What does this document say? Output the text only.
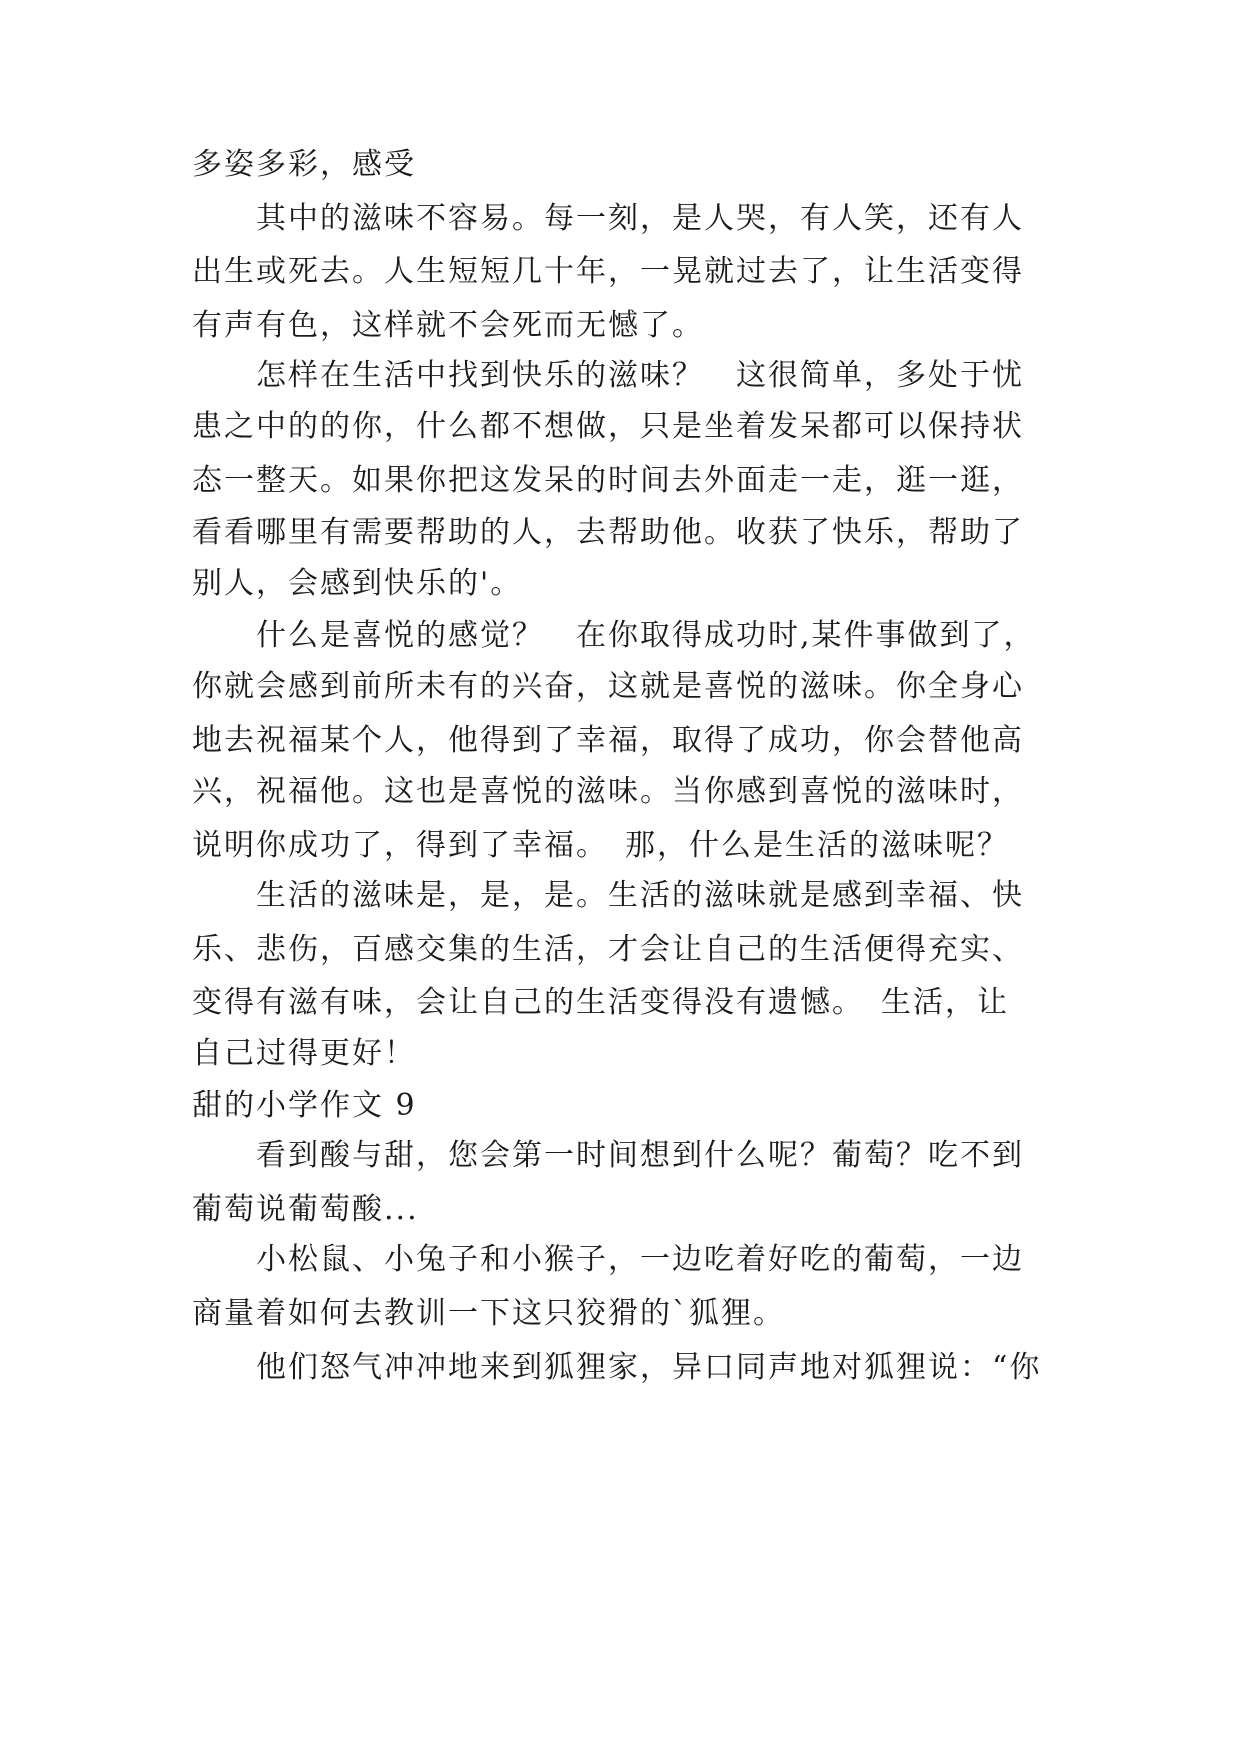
多姿多彩，感受
其中的滋味不容易。每一刻，是人哭，有人笑，还有人
出生或死去。人生短短几十年，一晃就过去了，让生活变得
有声有色，这样就不会死而无憾了。
怎样在生活中找到快乐的滋味？　这很简单，多处于忧
患之中的的你，什么都不想做，只是坐着发呆都可以保持状
态一整天。如果你把这发呆的时间去外面走一走，逛一逛，
看看哪里有需要帮助的人，去帮助他。收获了快乐，帮助了
别人，会感到快乐的'。
什么是喜悦的感觉？　在你取得成功时,某件事做到了，
你就会感到前所未有的兴奋，这就是喜悦的滋味。你全身心
地去祝福某个人，他得到了幸福，取得了成功，你会替他高
兴，祝福他。这也是喜悦的滋味。当你感到喜悦的滋味时，
说明你成功了，得到了幸福。　那，什么是生活的滋味呢？
生活的滋味是，是，是。生活的滋味就是感到幸福、快
乐、悲伤，百感交集的生活，才会让自己的生活便得充实、
变得有滋有味，会让自己的生活变得没有遗憾。　生活，让
自己过得更好！
甜的小学作文 9
看到酸与甜，您会第一时间想到什么呢？葡萄？吃不到
葡萄说葡萄酸...
小松鼠、小兔子和小猴子，一边吃着好吃的葡萄，一边
商量着如何去教训一下这只狡猾的`狐狸。
他们怒气冲冲地来到狐狸家，异口同声地对狐狸说：“你
